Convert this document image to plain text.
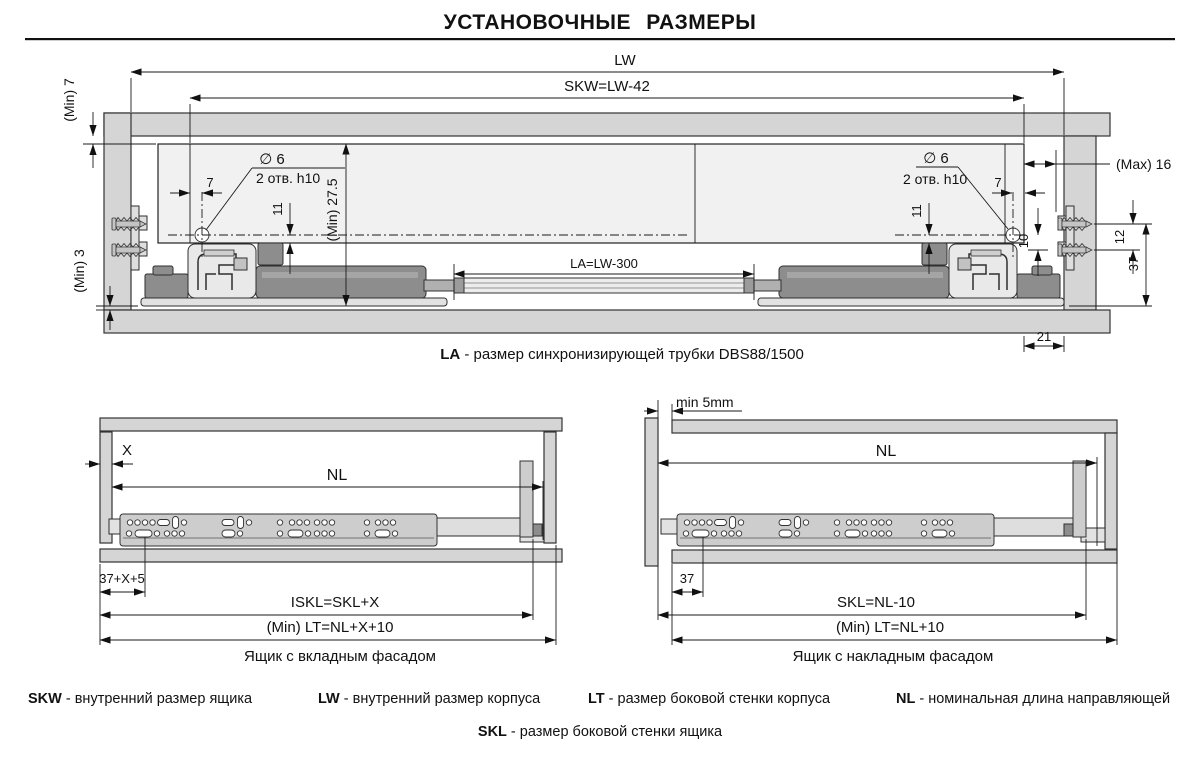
УСТАНОВОЧНЫЕ РАЗМЕРЫ
LW
SKW=LW-42
(Min) 7
(Min) 3
(Max) 16
∅ 6
2 отв. h10
∅ 6
2 отв. h10
7	7
11	11
10
(Min) 27.5
LA=LW-300
12
37
21
LA - размер синхронизирующей трубки DBS88/1500
X
NL
37+X+5
ISKL=SKL+X
(Min) LT=NL+X+10
Ящик с вкладным фасадом
min 5mm
NL
37
SKL=NL-10
(Min) LT=NL+10
Ящик с накладным фасадом
SKW - внутренний размер ящика	LW - внутренний размер корпуса	LT - размер боковой стенки корпуса	NL - номинальная длина направляющей
SKL - размер боковой стенки ящика
